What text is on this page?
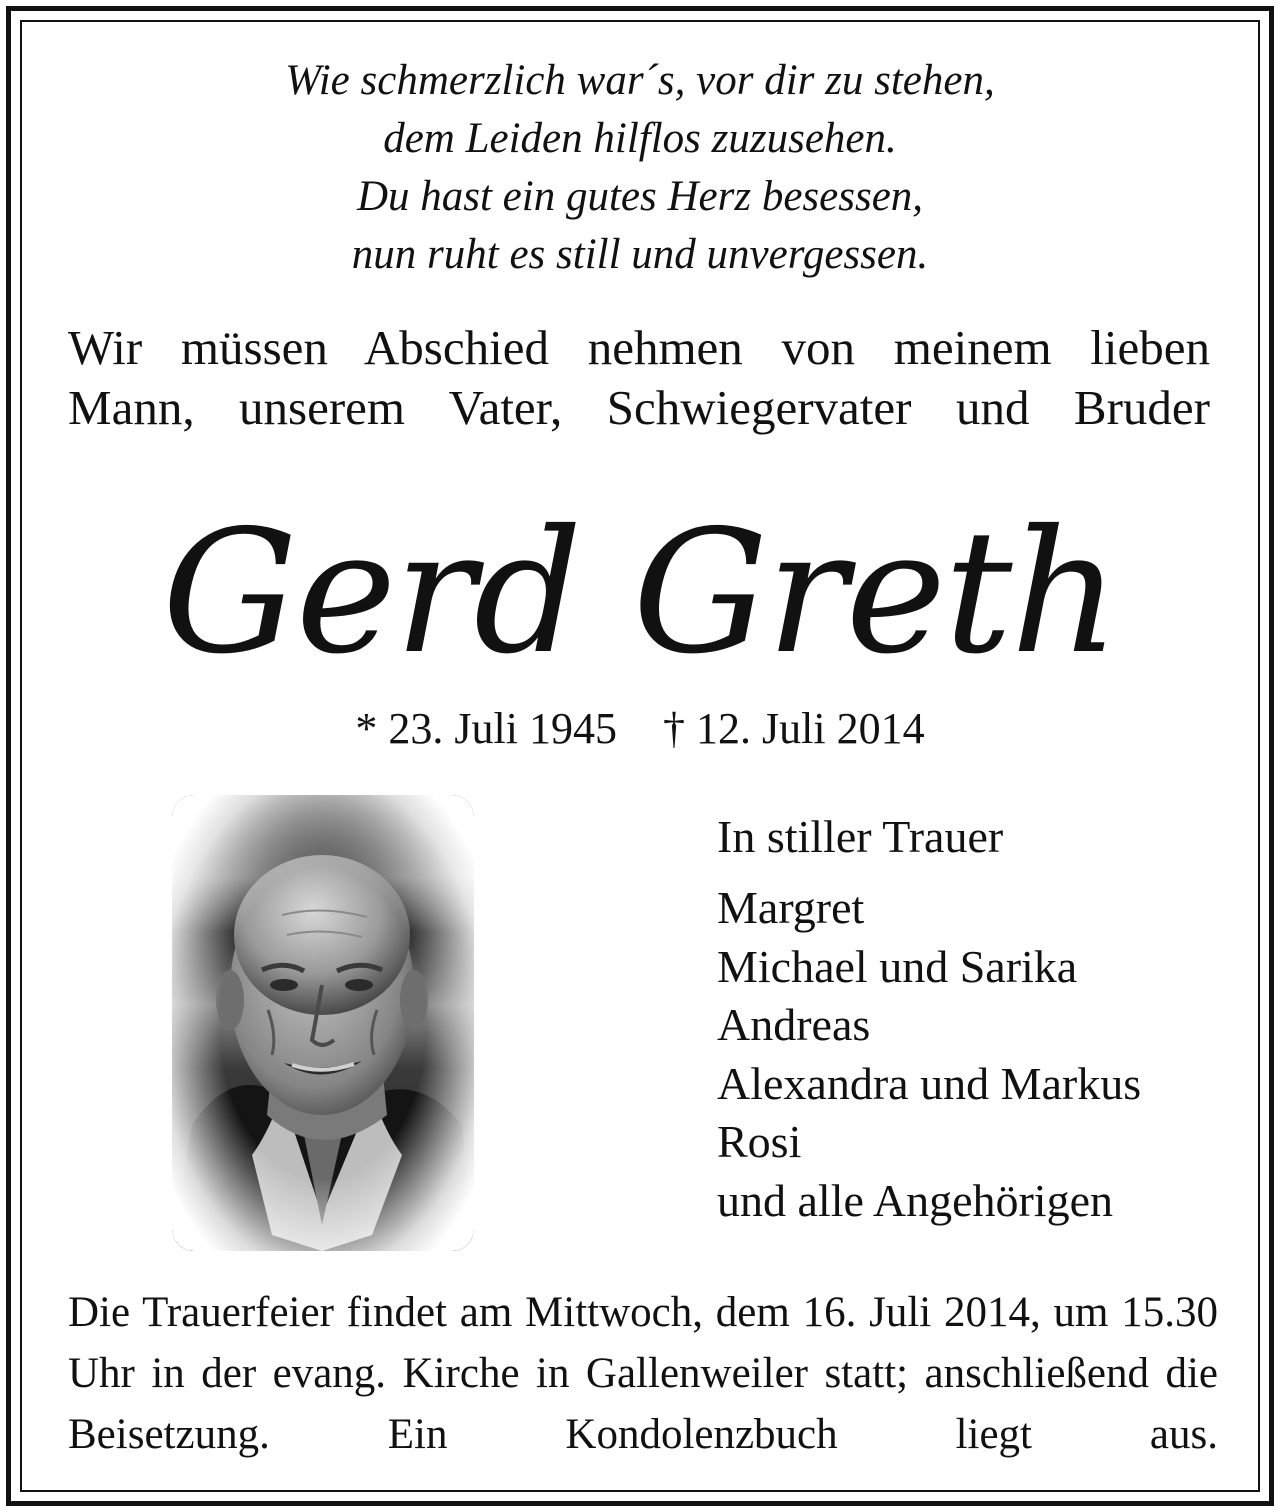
Wie schmerzlich war´s, vor dir zu stehen,
dem Leiden hilflos zuzusehen.
Du hast ein gutes Herz besessen,
nun ruht es still und unvergessen.
Wir müssen Abschied nehmen von meinem lieben
Mann, unserem Vater, Schwiegervater und Bruder
Gerd Greth
* 23. Juli 1945 † 12. Juli 2014
In stiller Trauer
Margret
Michael und Sarika
Andreas
Alexandra und Markus
Rosi
und alle Angehörigen
Die Trauerfeier findet am Mittwoch, dem 16. Juli 2014, um 15.30 Uhr in der evang. Kirche in Gallenweiler statt; anschließend die Beisetzung. Ein Kondolenzbuch liegt aus.
